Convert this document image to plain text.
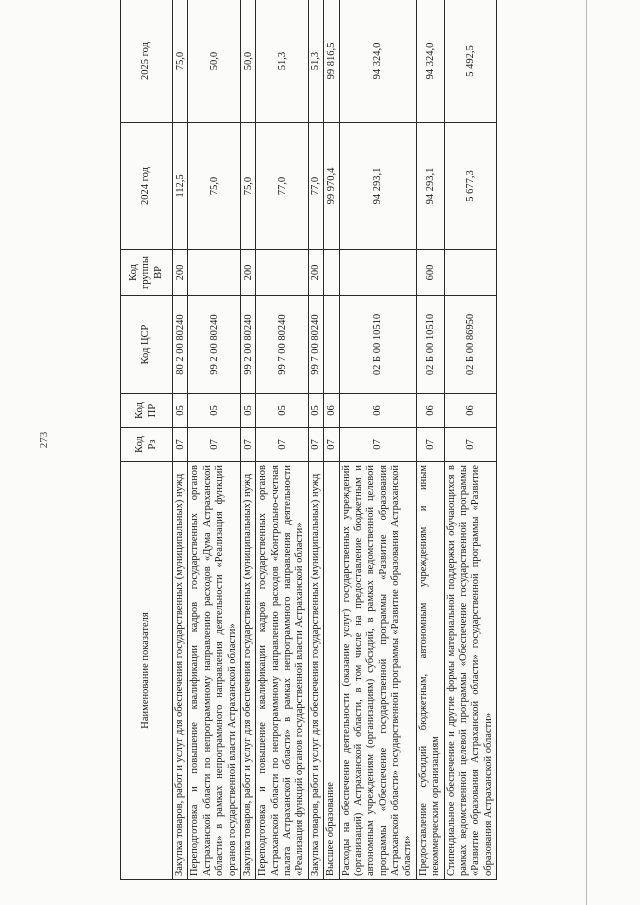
273
Наименование показателя	Код Рз	Код ПР	Код ЦСР	Код группы ВР	2024 год	2025 год
Закупка товаров, работ и услуг для обеспечения государственных (муниципальных) нужд	07	05	80 2 00 80240	200	112,5	75,0
Переподготовка и повышение квалификации кадров государственных органов Астраханской области по непрограммному направлению расходов «Дума Астраханской области» в рамках непрограммного направления деятельности «Реализация функций органов государственной власти Астраханской области»	07	05	99 2 00 80240		75,0	50,0
Закупка товаров, работ и услуг для обеспечения государственных (муниципальных) нужд	07	05	99 2 00 80240	200	75,0	50,0
Переподготовка и повышение квалификации кадров государственных органов Астраханской области по непрограммному направлению расходов «Контрольно-счетная палата Астраханской области» в рамках непрограммного направления деятельности «Реализация функций органов государственной власти Астраханской области»	07	05	99 7 00 80240		77,0	51,3
Закупка товаров, работ и услуг для обеспечения государственных (муниципальных) нужд	07	05	99 7 00 80240	200	77,0	51,3
Высшее образование	07	06			99 970,4	99 816,5
Расходы на обеспечение деятельности (оказание услуг) государственных учреждений (организаций) Астраханской области, в том числе на предоставление бюджетным и автономным учреждениям (организациям) субсидий, в рамках ведомственной целевой программы «Обеспечение государственной программы «Развитие образования Астраханской области» государственной программы «Развитие образования Астраханской области»	07	06	02 Б 00 10510		94 293,1	94 324,0
Предоставление субсидий бюджетным, автономным учреждениям и иным некоммерческим организациям	07	06	02 Б 00 10510	600	94 293,1	94 324,0
Стипендиальное обеспечение и другие формы материальной поддержки обучающихся в рамках ведомственной целевой программы «Обеспечение государственной программы «Развитие образования Астраханской области» государственной программы «Развитие образования Астраханской области»	07	06	02 Б 00 86950		5 677,3	5 492,5
